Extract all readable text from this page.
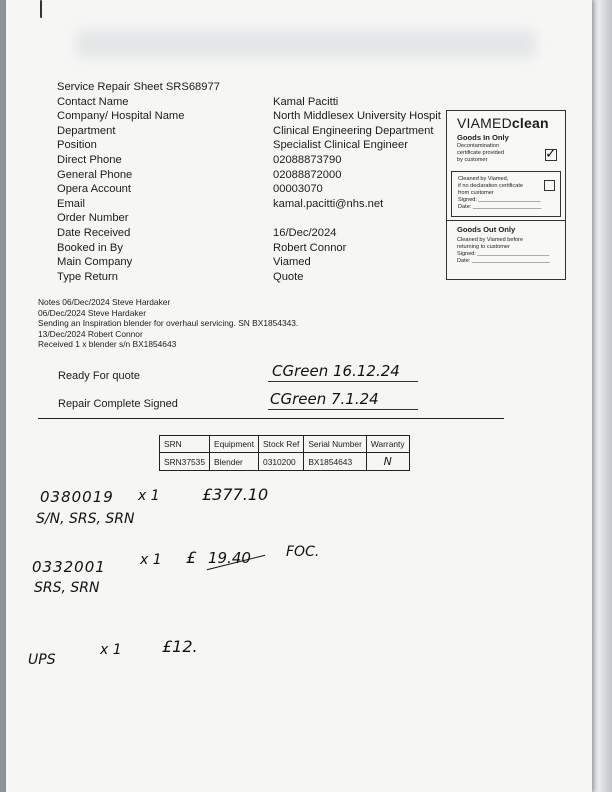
Service Repair Sheet SRS68977
Contact Name	Kamal Pacitti
Company/ Hospital Name	North Middlesex University Hospit
Department	Clinical Engineering Department
Position	Specialist Clinical Engineer
Direct Phone	02088873790
General Phone	02088872000
Opera Account	00003070
Email	kamal.pacitti@nhs.net
Order Number
Date Received	16/Dec/2024
Booked in By	Robert Connor
Main Company	Viamed
Type Return	Quote
VIAMEDclean
Goods In Only
Decontamination
certificate provided
by customer	✓
Cleaned by Viamed,
if no declaration certificate
from customer
Signed: ____________________
Date: ______________________
Goods Out Only
Cleaned by Viamed before
returning to customer
Signed: _______________________
Date: _________________________
Notes 06/Dec/2024 Steve Hardaker
06/Dec/2024 Steve Hardaker
Sending an Inspiration blender for overhaul servicing. SN BX1854343.
13/Dec/2024 Robert Connor
Received 1 x blender s/n BX1854643
Ready For quote	CGreen 16.12.24
Repair Complete Signed	CGreen 7.1.24
SRN	Equipment	Stock Ref	Serial Number	Warranty
SRN37535	Blender	0310200	BX1854643	N
0380019 x 1	£377.10
S/N, SRS, SRN
0332001 x 1 £ 19.40	FOC.
SRS, SRN
UPS
x 1	£12.
